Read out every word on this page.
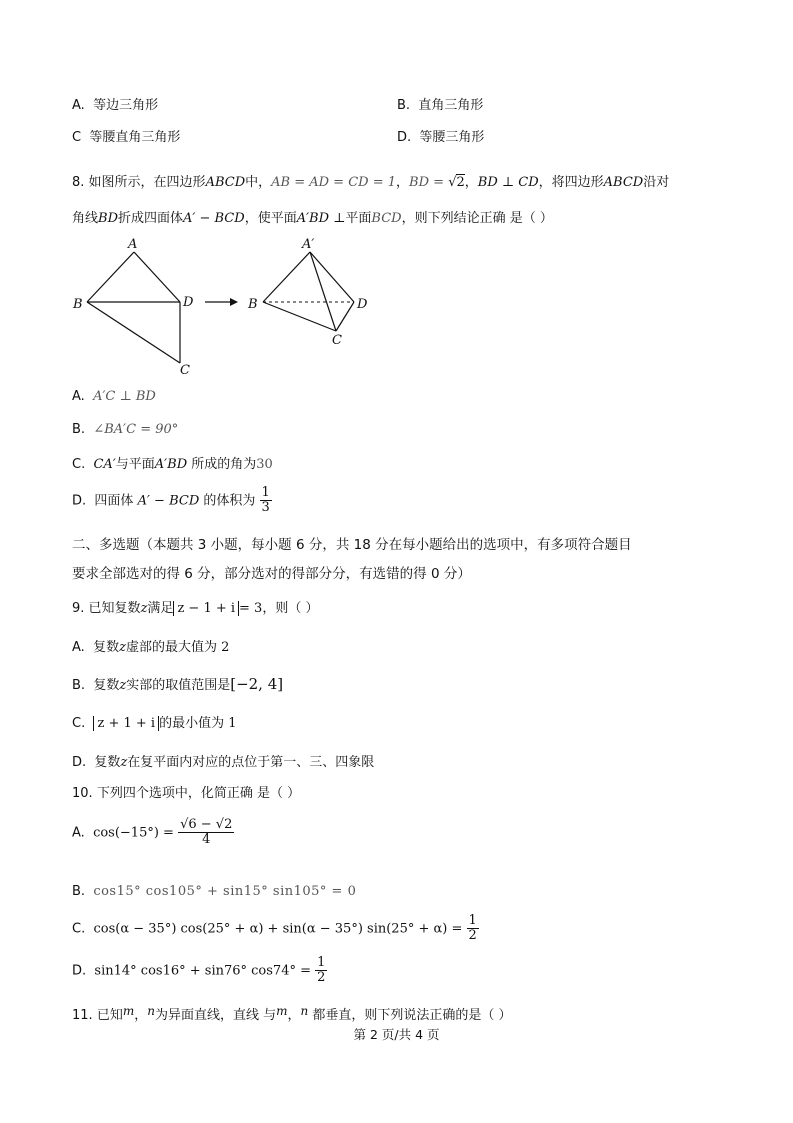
A. 等边三角形	B. 直角三角形
C 等腰直角三角形	D. 等腰三角形
8. 如图所示，在四边形ABCD中，AB = AD = CD = 1，BD = √2，BD ⊥ CD，将四边形ABCD沿对
角线BD折成四面体A′ − BCD，使平面A′BD ⊥平面BCD，则下列结论正确 是（ ）
A
B	D
C
A′
B	D
C
A. A′C ⊥ BD
B. ∠BA′C = 90°
C. CA′与平面A′BD 所成的角为30
D. 四面体 A′ − BCD 的体积为 $\frac{1}{3}$
二、多选题（本题共 3 小题，每小题 6 分，共 18 分在每小题给出的选项中，有多项符合题目
要求全部选对的得 6 分，部分选对的得部分分，有选错的得 0 分）
9. 已知复数z满足 z − 1 + i = 3，则（ ）
A. 复数z虚部的最大值为 2
B. 复数z实部的取值范围是[−2, 4]
C. z + 1 + i 的最小值为 1
D. 复数z在复平面内对应的点位于第一、三、四象限
10. 下列四个选项中，化简正确 是（ ）
A. $\cos(-15^\circ) = \frac{√6 - √2}{4}$
B. cos15° cos105° + sin15° sin105° = 0
C. cos(α − 35°) cos(25° + α) + sin(α − 35°) $\sin(25^\circ + \alpha) = \frac{1}{2}$
D. sin14° cos16° + sin76° $\cos 74^\circ = \frac{1}{2}$
11. 已知m，n为异面直线，直线 与m，n 都垂直，则下列说法正确的是（ ）
第 2 页/共 4 页
